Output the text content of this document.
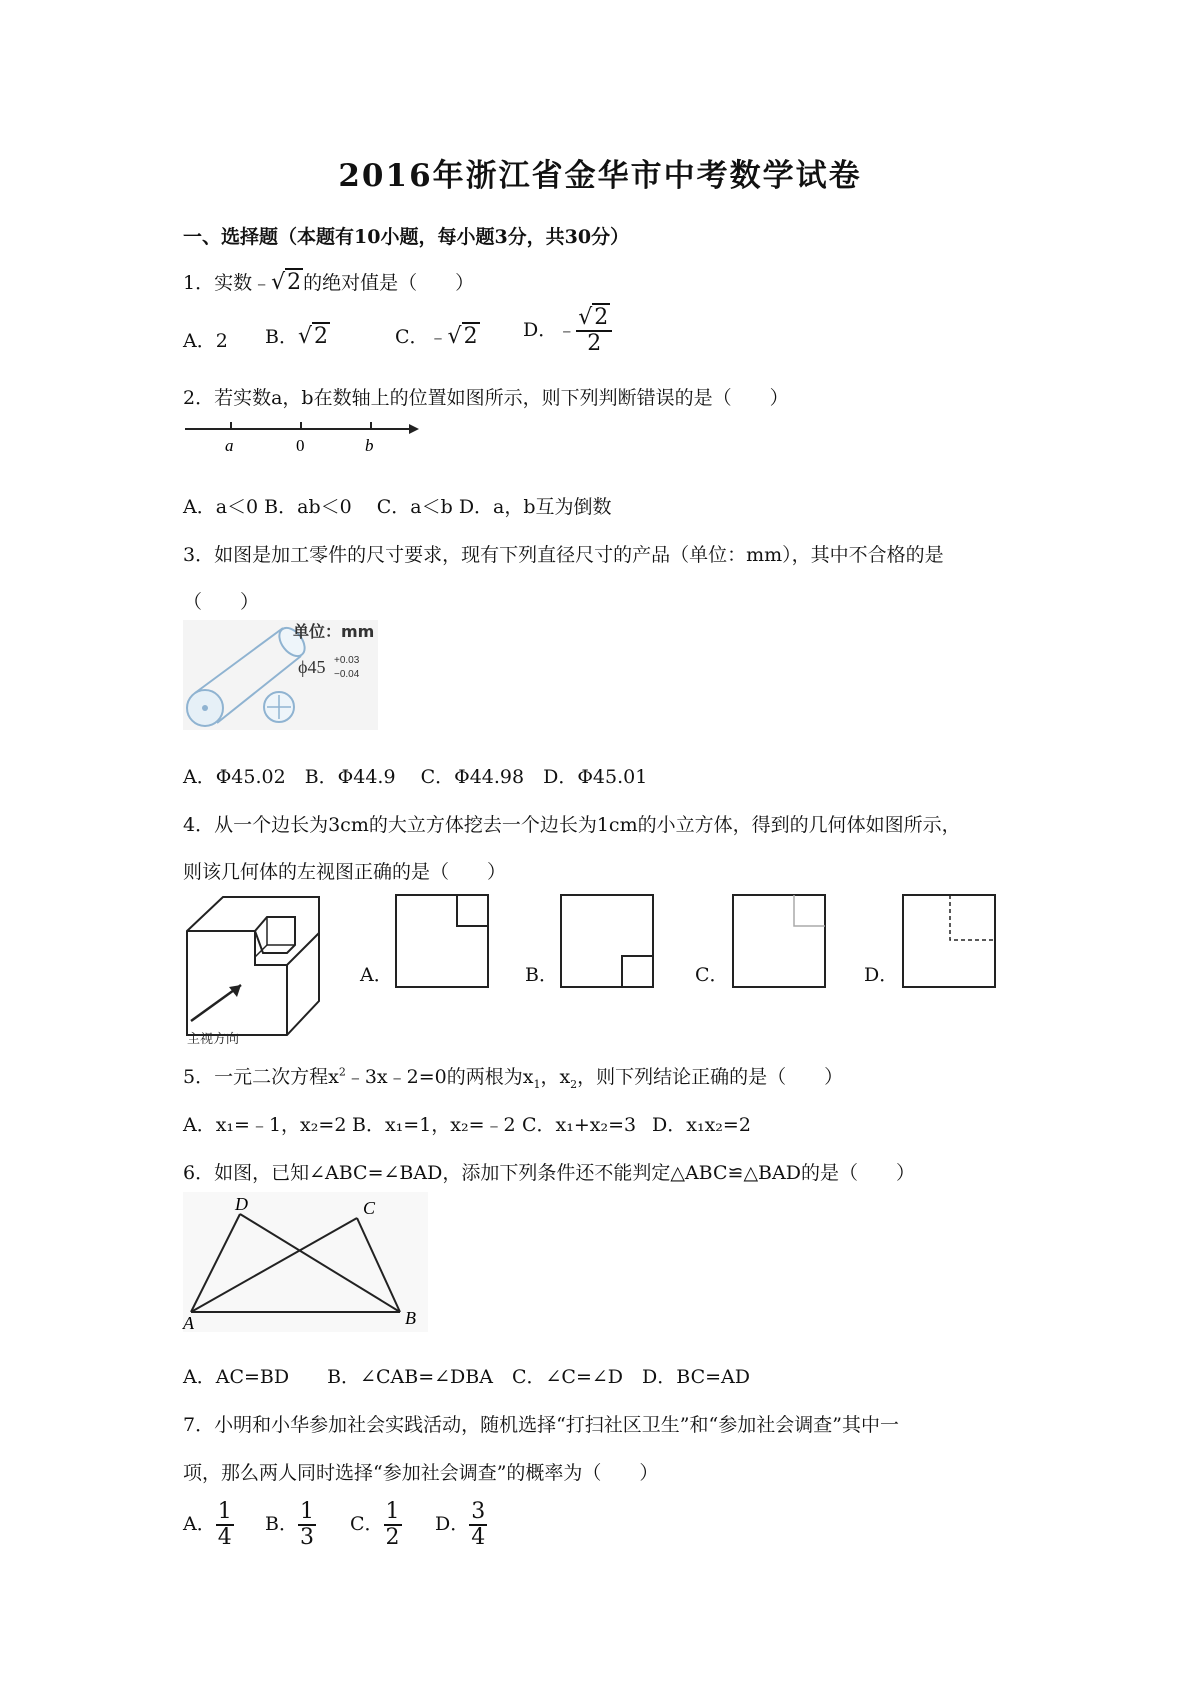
2016年浙江省金华市中考数学试卷
一、选择题（本题有10小题，每小题3分，共30分）
1．实数﹣√2 的绝对值是（　　）
A．2 B．√2	C．﹣√2 D．﹣ $\frac{√2}{2}$
2．若实数a，b在数轴上的位置如图所示，则下列判断错误的是（　　）
a	0	b
A．a＜0 B．ab＜0　 C．a＜b D．a，b互为倒数
3．如图是加工零件的尺寸要求，现有下列直径尺寸的产品（单位：mm），其中不合格的是
（　　）
单位：mm
ϕ45 +0.03
−0.04
A．Φ45.02　B．Φ44.9　 C．Φ44.98　D．Φ45.01
4．从一个边长为3cm的大立方体挖去一个边长为1cm的小立方体，得到的几何体如图所示，
则该几何体的左视图正确的是（　　）
主视方向
A．	B．	C．	D．
5．一元二次方程$x^2﹣3x﹣2=0$的两根为$x_1$，$x_2$，则下列结论正确的是（　　）
A．x₁=﹣1，x₂=2 B．x₁=1，x₂=﹣2 C．x₁+x₂=3 D．x₁x₂=2
6．如图，已知∠ABC=∠BAD，添加下列条件还不能判定△ABC≌△BAD的是（　　）
D	C
A	B
A．AC=BD　　B．∠CAB=∠DBA　C．∠C=∠D　D．BC=AD
7．小明和小华参加社会实践活动，随机选择“打扫社区卫生”和“参加社会调查”其中一
项，那么两人同时选择“参加社会调查”的概率为（　　）
A． $\frac{1}{4}$ B． $\frac{1}{3}$ C． $\frac{1}{2}$ D． $\frac{3}{4}$
